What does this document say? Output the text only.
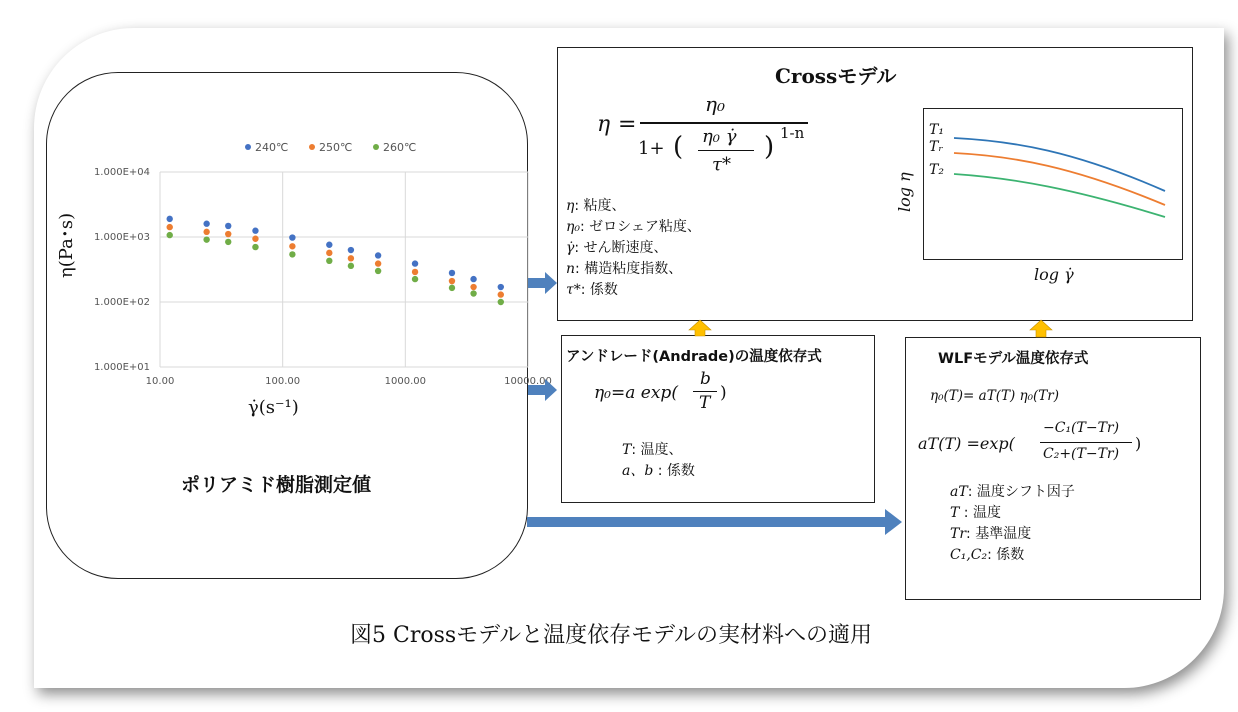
10.00	100.00	1000.00	10000.00
1.000E+01
1.000E+02
1.000E+03
1.000E+04
240℃	250℃	260℃
η(Pa･s)
γ̇(s⁻¹)
ポリアミド樹脂測定値
Crossモデル
η =
η₀
1+ ( η₀ γ̇
τ*
) 1-n
η: 粘度、
η₀: ゼロシェア粘度、
γ̇: せん断速度、
n: 構造粘度指数、
τ*: 係数
T₁
Tᵣ
T₂
log η
log γ̇
アンドレード(Andrade)の温度依存式
η₀=a exp(
b
T )
T: 温度、
a、b : 係数
WLFモデル温度依存式
η₀(T)= aT(T) η₀(Tr)
aT(T) =exp(
−C₁(T−Tr)
C₂+(T−Tr)
)
aT: 温度シフト因子
T : 温度
Tr: 基準温度
C₁,C₂: 係数
図5 Crossモデルと温度依存モデルの実材料への適用
